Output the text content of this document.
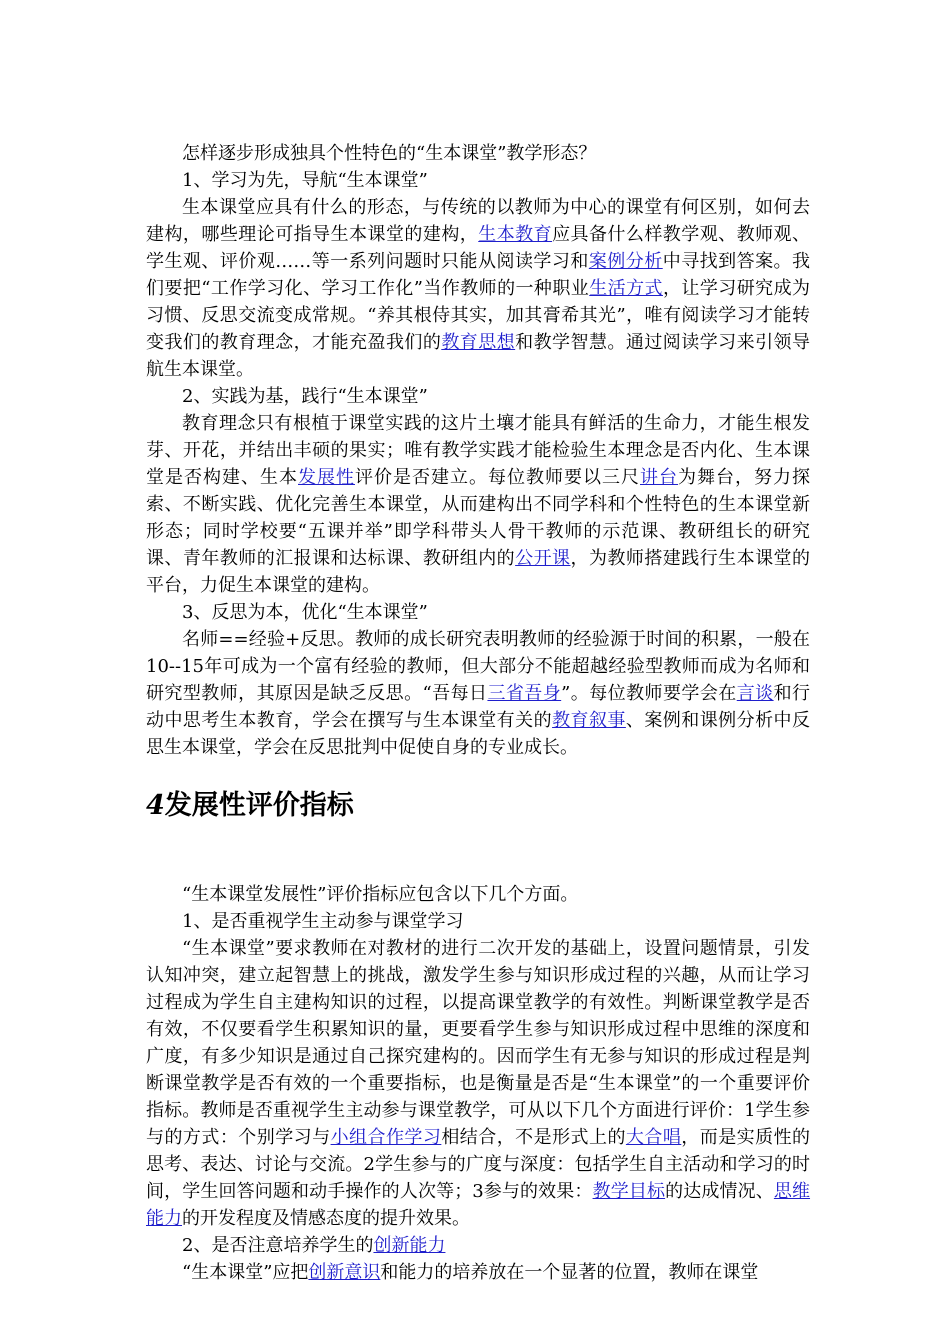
怎样逐步形成独具个性特色的“生本课堂”教学形态？

1、学习为先，导航“生本课堂”

生本课堂应具有什么的形态，与传统的以教师为中心的课堂有何区别，如何去建构，哪些理论可指导生本课堂的建构，生本教育应具备什么样教学观、教师观、学生观、评价观……等一系列问题时只能从阅读学习和案例分析中寻找到答案。我们要把“工作学习化、学习工作化”当作教师的一种职业生活方式，让学习研究成为习惯、反思交流变成常规。“养其根侍其实，加其膏希其光”，唯有阅读学习才能转变我们的教育理念，才能充盈我们的教育思想和教学智慧。通过阅读学习来引领导航生本课堂。

2、实践为基，践行“生本课堂”

教育理念只有根植于课堂实践的这片土壤才能具有鲜活的生命力，才能生根发芽、开花，并结出丰硕的果实；唯有教学实践才能检验生本理念是否内化、生本课堂是否构建、生本发展性评价是否建立。每位教师要以三尺讲台为舞台，努力探索、不断实践、优化完善生本课堂，从而建构出不同学科和个性特色的生本课堂新形态；同时学校要“五课并举”即学科带头人骨干教师的示范课、教研组长的研究课、青年教师的汇报课和达标课、教研组内的公开课，为教师搭建践行生本课堂的平台，力促生本课堂的建构。

3、反思为本，优化“生本课堂”

名师==经验+反思。教师的成长研究表明教师的经验源于时间的积累，一般在10--15年可成为一个富有经验的教师，但大部分不能超越经验型教师而成为名师和研究型教师，其原因是缺乏反思。“吾每日三省吾身”。每位教师要学会在言谈和行动中思考生本教育，学会在撰写与生本课堂有关的教育叙事、案例和课例分析中反思生本课堂，学会在反思批判中促使自身的专业成长。

4发展性评价指标

“生本课堂发展性”评价指标应包含以下几个方面。

1、是否重视学生主动参与课堂学习

“生本课堂”要求教师在对教材的进行二次开发的基础上，设置问题情景，引发认知冲突，建立起智慧上的挑战，激发学生参与知识形成过程的兴趣，从而让学习过程成为学生自主建构知识的过程，以提高课堂教学的有效性。判断课堂教学是否有效，不仅要看学生积累知识的量，更要看学生参与知识形成过程中思维的深度和广度，有多少知识是通过自己探究建构的。因而学生有无参与知识的形成过程是判断课堂教学是否有效的一个重要指标，也是衡量是否是“生本课堂”的一个重要评价指标。教师是否重视学生主动参与课堂教学，可从以下几个方面进行评价：1学生参与的方式：个别学习与小组合作学习相结合，不是形式上的大合唱，而是实质性的思考、表达、讨论与交流。2学生参与的广度与深度：包括学生自主活动和学习的时间，学生回答问题和动手操作的人次等；3参与的效果：教学目标的达成情况、思维能力的开发程度及情感态度的提升效果。

2、是否注意培养学生的创新能力

“生本课堂”应把创新意识和能力的培养放在一个显著的位置，教师在课堂
